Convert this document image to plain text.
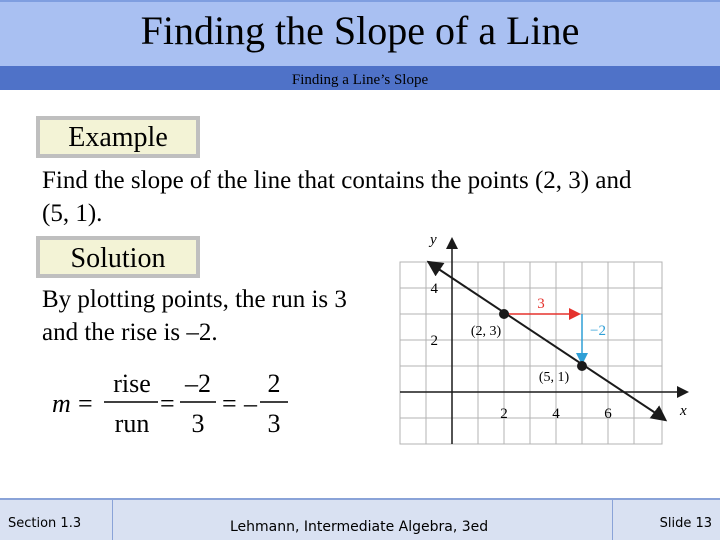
Finding the Slope of a Line
Finding a Line’s Slope
Example
Find the slope of the line that contains the points (2, 3) and (5, 1).
Solution
By plotting points, the run is 3 and the rise is –2.
m =
rise
run
=
–2
3
= –
2
3
y
x
2	4	6
2
4
3
−2
(2, 3)
(5, 1)
Section 1.3	Lehmann, Intermediate Algebra, 3ed	Slide 13
